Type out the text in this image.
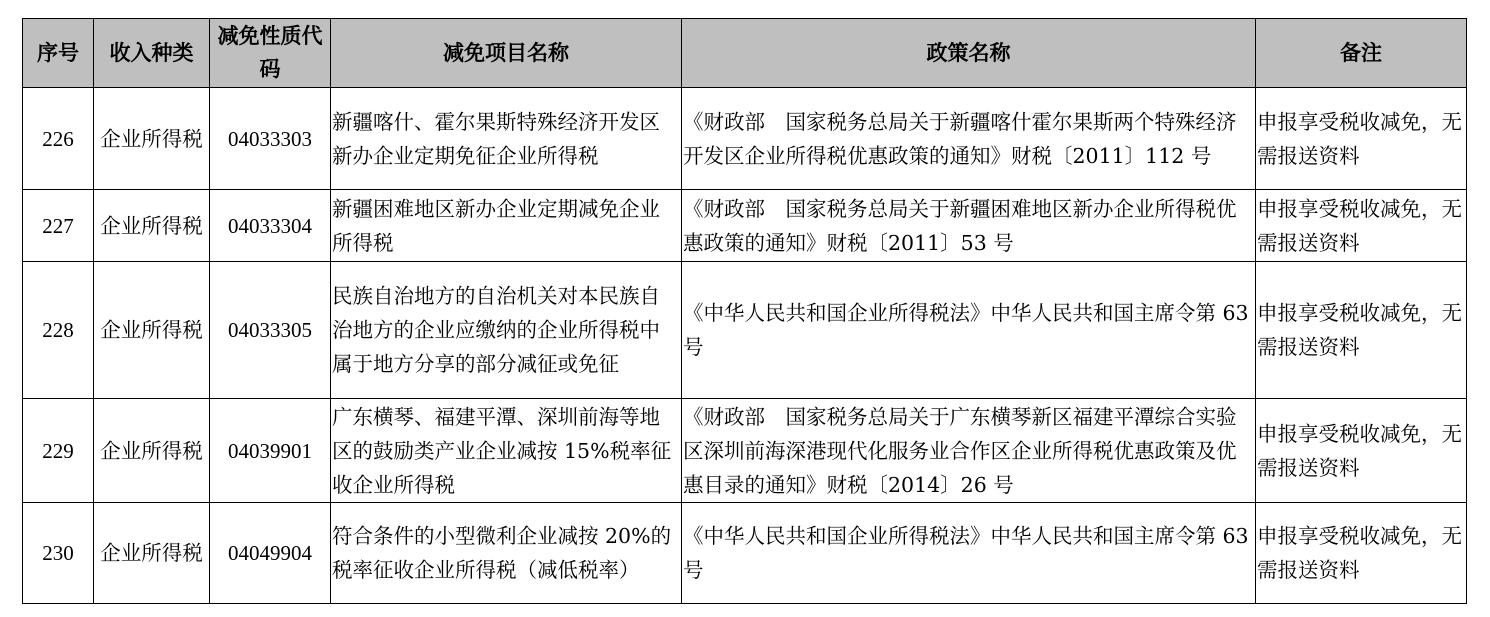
序号	收入种类	减免性质代码	减免项目名称	政策名称	备注
226	企业所得税	04033303	新疆喀什、霍尔果斯特殊经济开发区新办企业定期免征企业所得税	《财政部　国家税务总局关于新疆喀什霍尔果斯两个特殊经济开发区企业所得税优惠政策的通知》财税〔2011〕112 号	申报享受税收减免，无需报送资料
227	企业所得税	04033304	新疆困难地区新办企业定期减免企业所得税	《财政部　国家税务总局关于新疆困难地区新办企业所得税优惠政策的通知》财税〔2011〕53 号	申报享受税收减免，无需报送资料
228	企业所得税	04033305	民族自治地方的自治机关对本民族自治地方的企业应缴纳的企业所得税中属于地方分享的部分减征或免征	《中华人民共和国企业所得税法》中华人民共和国主席令第 63 号	申报享受税收减免，无需报送资料
229	企业所得税	04039901	广东横琴、福建平潭、深圳前海等地区的鼓励类产业企业减按 15%税率征收企业所得税	《财政部　国家税务总局关于广东横琴新区福建平潭综合实验区深圳前海深港现代化服务业合作区企业所得税优惠政策及优惠目录的通知》财税〔2014〕26 号	申报享受税收减免，无需报送资料
230	企业所得税	04049904	符合条件的小型微利企业减按 20%的税率征收企业所得税（减低税率）	《中华人民共和国企业所得税法》中华人民共和国主席令第 63 号	申报享受税收减免，无需报送资料
